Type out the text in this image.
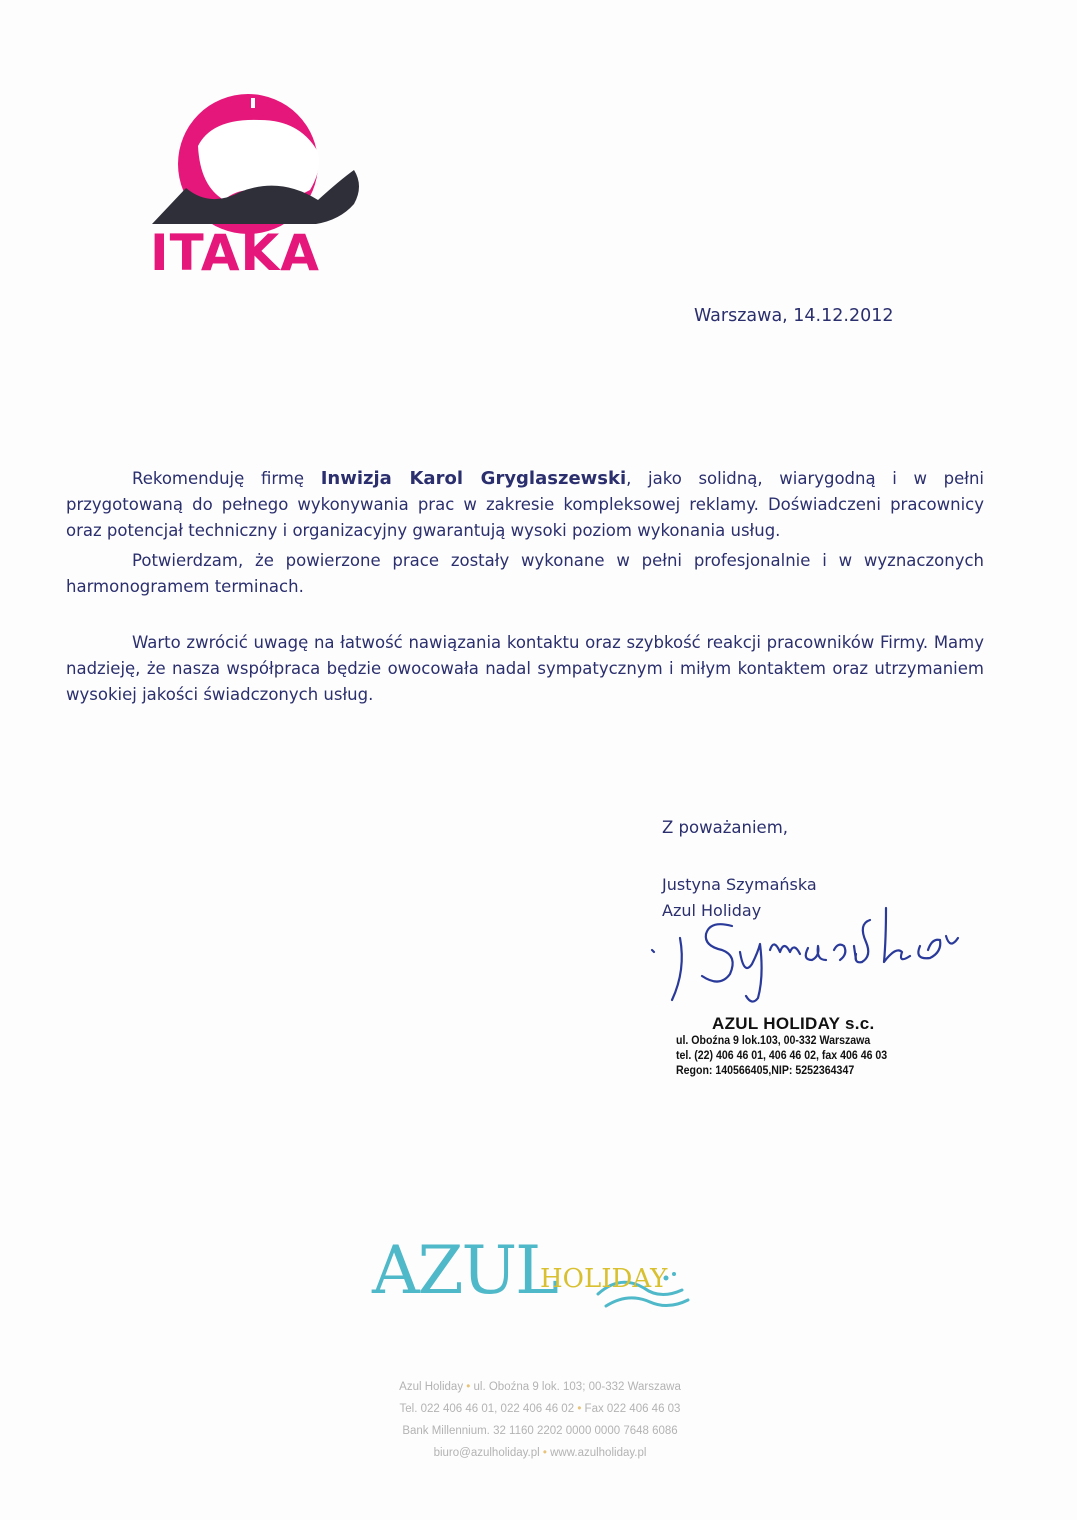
ITAKA
Warszawa, 14.12.2012
Rekomenduję firmę Inwizja Karol Gryglaszewski, jako solidną, wiarygodną i w pełni przygotowaną do pełnego wykonywania prac w zakresie kompleksowej reklamy. Doświadczeni pracownicy oraz potencjał techniczny i organizacyjny gwarantują wysoki poziom wykonania usług.
Potwierdzam, że powierzone prace zostały wykonane w pełni profesjonalnie i w wyznaczonych harmonogramem terminach.
Warto zwrócić uwagę na łatwość nawiązania kontaktu oraz szybkość reakcji pracowników Firmy. Mamy nadzieję, że nasza współpraca będzie owocowała nadal sympatycznym i miłym kontaktem oraz utrzymaniem wysokiej jakości świadczonych usług.
Z poważaniem,
Justyna Szymańska
Azul Holiday
AZUL HOLIDAY s.c.
ul. Oboźna 9 lok.103, 00-332 Warszawa
tel. (22) 406 46 01, 406 46 02, fax 406 46 03
Regon: 140566405,NIP: 5252364347
AZUL
HOLIDAY
Azul Holiday • ul. Oboźna 9 lok. 103; 00-332 Warszawa
Tel. 022 406 46 01, 022 406 46 02 • Fax 022 406 46 03
Bank Millennium. 32 1160 2202 0000 0000 7648 6086
biuro@azulholiday.pl • www.azulholiday.pl
